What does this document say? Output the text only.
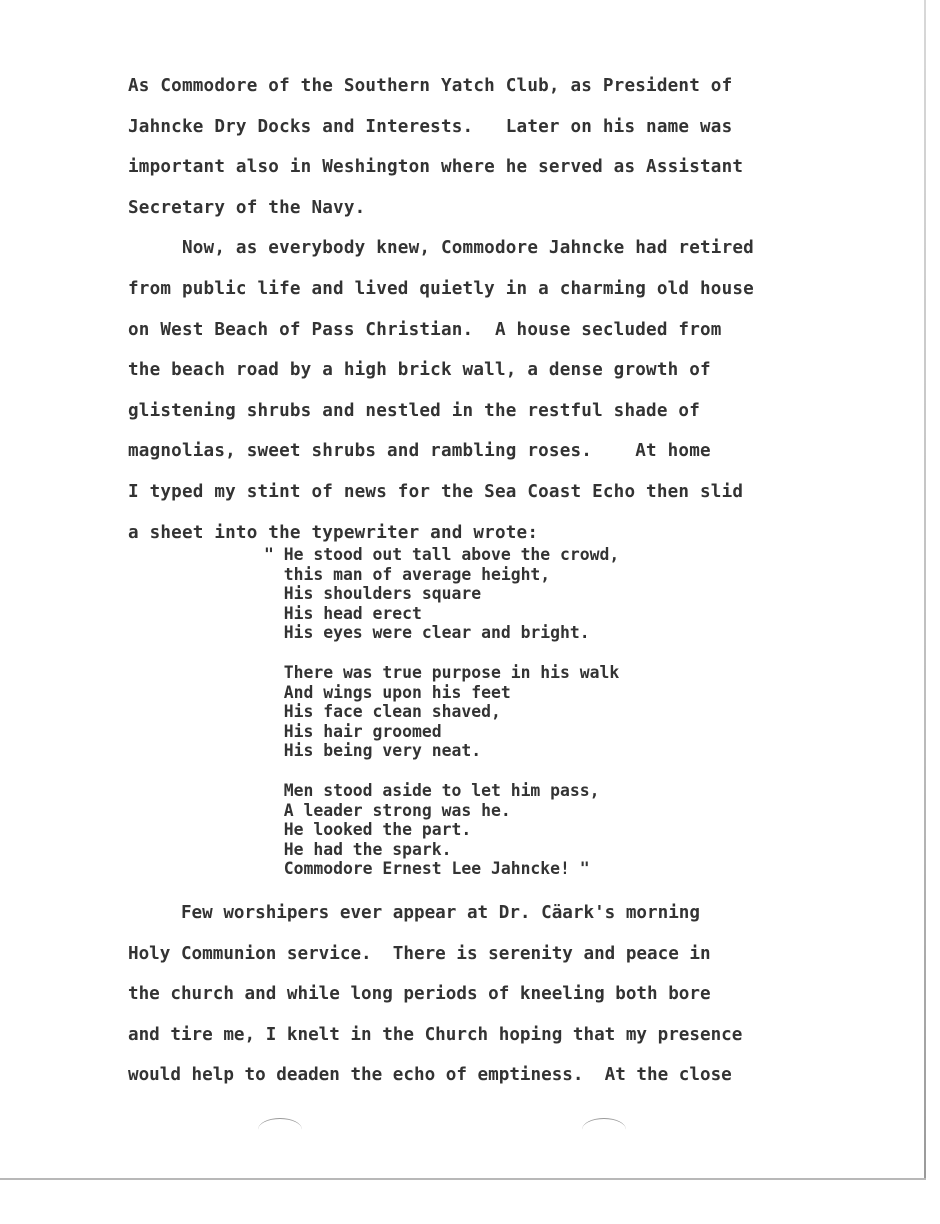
As Commodore of the Southern Yatch Club, as President of
Jahncke Dry Docks and Interests.   Later on his name was
important also in Weshington where he served as Assistant
Secretary of the Navy.
Now, as everybody knew, Commodore Jahncke had retired
from public life and lived quietly in a charming old house
on West Beach of Pass Christian.  A house secluded from
the beach road by a high brick wall, a dense growth of
glistening shrubs and nestled in the restful shade of
magnolias, sweet shrubs and rambling roses.    At home
I typed my stint of news for the Sea Coast Echo then slid
a sheet into the typewriter and wrote:
" He stood out tall above the crowd,
this man of average height,
His shoulders square
His head erect
His eyes were clear and bright.
There was true purpose in his walk
And wings upon his feet
His face clean shaved,
His hair groomed
His being very neat.
Men stood aside to let him pass,
A leader strong was he.
He looked the part.
He had the spark.
Commodore Ernest Lee Jahncke! "
Few worshipers ever appear at Dr. Cäark's morning
Holy Communion service.  There is serenity and peace in
the church and while long periods of kneeling both bore
and tire me, I knelt in the Church hoping that my presence
would help to deaden the echo of emptiness.  At the close
